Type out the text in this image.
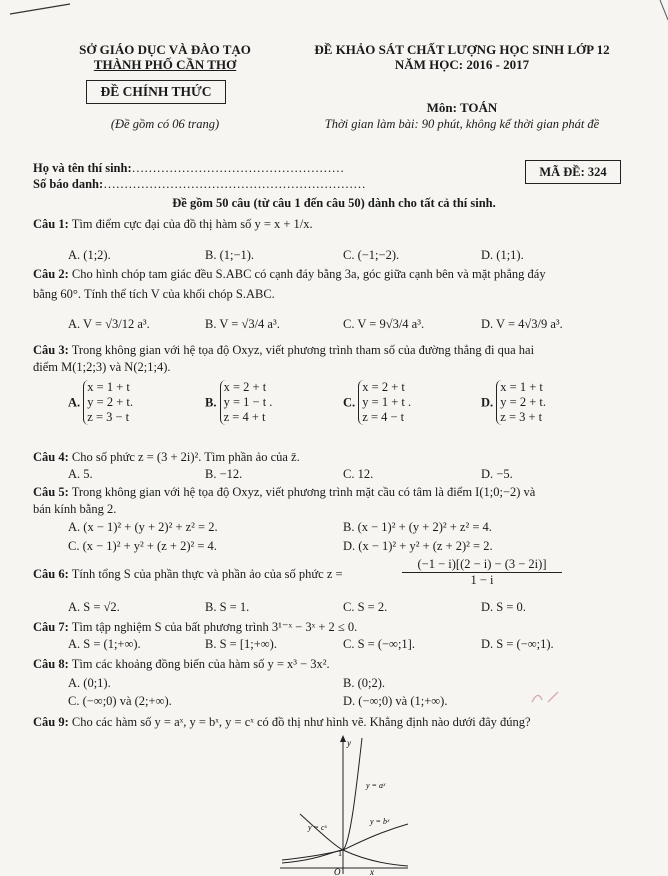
SỞ GIÁO DỤC VÀ ĐÀO TẠO
THÀNH PHỐ CẦN THƠ
ĐỀ CHÍNH THỨC
(Đề gồm có 06 trang)
ĐỀ KHẢO SÁT CHẤT LƯỢNG HỌC SINH LỚP 12
NĂM HỌC: 2016 - 2017
Môn: TOÁN
Thời gian làm bài: 90 phút, không kể thời gian phát đề
Họ và tên thí sinh:……………………………………………
Số báo danh:………………………………………………………
MÃ ĐỀ: 324
Đề gồm 50 câu (từ câu 1 đến câu 50) dành cho tất cả thí sinh.
Câu 1: Tìm điểm cực đại của đồ thị hàm số y = x + 1/x.
A. (1;2).	B. (1;−1).	C. (−1;−2).	D. (1;1).
Câu 2: Cho hình chóp tam giác đều S.ABC có cạnh đáy bằng 3a, góc giữa cạnh bên và mặt phẳng đáy
bằng 60°. Tính thể tích V của khối chóp S.ABC.
A. V = √3/12 a³.	B. V = √3/4 a³.	C. V = 9√3/4 a³.	D. V = 4√3/9 a³.
Câu 3: Trong không gian với hệ tọa độ Oxyz, viết phương trình tham số của đường thẳng đi qua hai
điểm M(1;2;3) và N(2;1;4).
A.
x = 1 + t
y = 2 + t.
z = 3 − t
B.
x = 2 + t
y = 1 − t .
z = 4 + t
C.
x = 2 + t
y = 1 + t .
z = 4 − t
D.
x = 1 + t
y = 2 + t.
z = 3 + t
Câu 4: Cho số phức z = (3 + 2i)². Tìm phần ảo của z̄.
A. 5.	B. −12.	C. 12.	D. −5.
Câu 5: Trong không gian với hệ tọa độ Oxyz, viết phương trình mặt cầu có tâm là điểm I(1;0;−2) và
bán kính bằng 2.
A. (x − 1)² + (y + 2)² + z² = 2.	B. (x − 1)² + (y + 2)² + z² = 4.
C. (x − 1)² + y² + (z + 2)² = 4.	D. (x − 1)² + y² + (z + 2)² = 2.
Câu 6: Tính tổng S của phần thực và phần ảo của số phức z =	$\frac{(-1 - i)[(2 - i) - (3 - 2i)]}{1 - i}$
A. S = √2.	B. S = 1.	C. S = 2.	D. S = 0.
Câu 7: Tìm tập nghiệm S của bất phương trình 3¹⁻ˣ − 3ˣ + 2 ≤ 0.
A. S = (1;+∞).	B. S = [1;+∞).	C. S = (−∞;1].	D. S = (−∞;1).
Câu 8: Tìm các khoảng đồng biến của hàm số y = x³ − 3x².
A. (0;1).	B. (0;2).
C. (−∞;0) và (2;+∞).	D. (−∞;0) và (1;+∞).
Câu 9: Cho các hàm số y = aˣ, y = bˣ, y = cˣ có đồ thị như hình vẽ. Khẳng định nào dưới đây đúng?
y
y = aˣ
y = bˣ
y = cˣ
1
O	x
